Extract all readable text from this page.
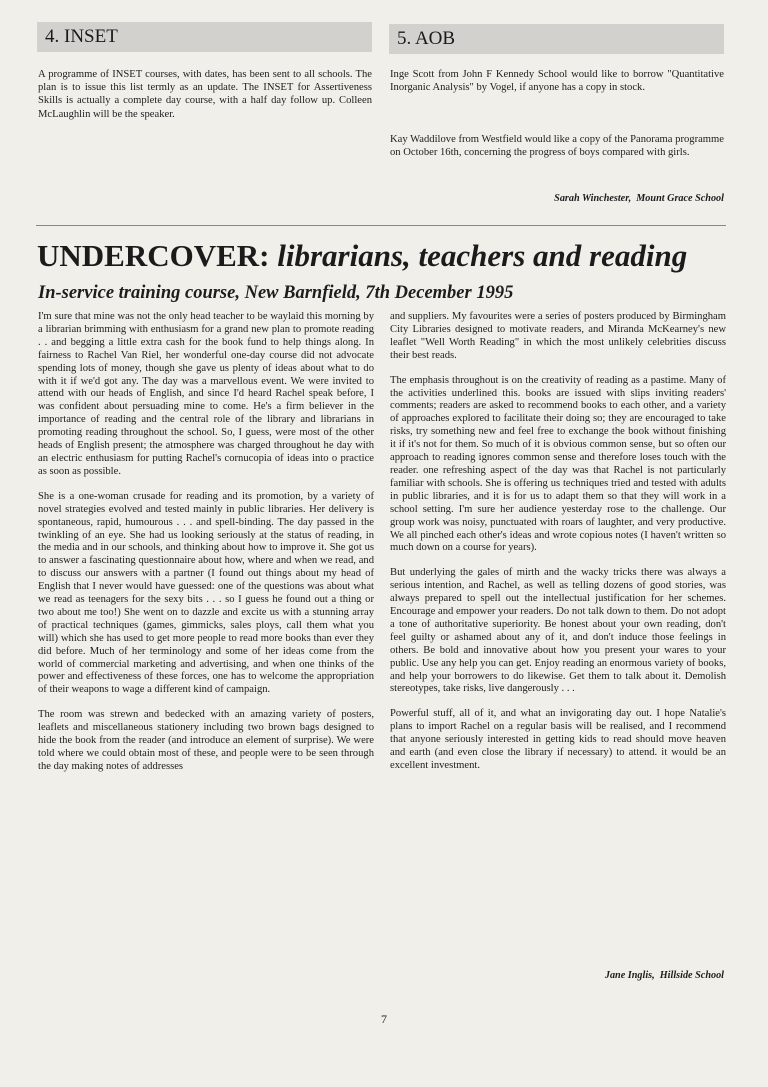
4. INSET	5. AOB

A programme of INSET courses, with dates, has been sent to all schools. The plan is to issue this list termly as an update. The INSET for Assertiveness Skills is actually a complete day course, with a half day follow up. Colleen McLaughlin will be the speaker.

Inge Scott from John F Kennedy School would like to borrow "Quantitative Inorganic Analysis" by Vogel, if anyone has a copy in stock.

Kay Waddilove from Westfield would like a copy of the Panorama programme on October 16th, concerning the progress of boys compared with girls.

Sarah Winchester,  Mount Grace School
UNDERCOVER: librarians, teachers and reading
In-service training course, New Barnfield, 7th December 1995

I'm sure that mine was not the only head teacher to be waylaid this morning by a librarian brimming with enthusiasm for a grand new plan to promote reading . . and begging a little extra cash for the book fund to help things along. In fairness to Rachel Van Riel, her wonderful one-day course did not advocate spending lots of money, though she gave us plenty of ideas about what to do with it if we'd got any. The day was a marvellous event. We were invited to attend with our heads of English, and since I'd heard Rachel speak before, I was confident about persuading mine to come. He's a firm believer in the importance of reading and the central role of the library and librarians in promoting reading throughout the school. So, I guess, were most of the other heads of English present; the atmosphere was charged throughout he day with an electric enthusiasm for putting Rachel's cornucopia of ideas into o practice as soon as possible.

She is a one-woman crusade for reading and its promotion, by a variety of novel strategies evolved and tested mainly in public libraries. Her delivery is spontaneous, rapid, humourous . . . and spell-binding. The day passed in the twinkling of an eye. She had us looking seriously at the status of reading, in the media and in our schools, and thinking about how to improve it. She got us to answer a fascinating questionnaire about how, where and when we read, and to discuss our answers with a partner (I found out things about my head of English that I never would have guessed: one of the questions was about what we read as teenagers for the sexy bits . . . so I guess he found out a thing or two about me too!) She went on to dazzle and excite us with a stunning array of practical techniques (games, gimmicks, sales ploys, call them what you will) which she has used to get more people to read more books than ever they did before. Much of her terminology and some of her ideas come from the world of commercial marketing and advertising, and when one thinks of the power and effectiveness of these forces, one has to welcome the appropriation of their weapons to wage a different kind of campaign.

The room was strewn and bedecked with an amazing variety of posters, leaflets and miscellaneous stationery including two brown bags designed to hide the book from the reader (and introduce an element of surprise). We were told where we could obtain most of these, and people were to be seen through the day making notes of addresses

and suppliers. My favourites were a series of posters produced by Birmingham City Libraries designed to motivate readers, and Miranda McKearney's new leaflet "Well Worth Reading" in which the most unlikely celebrities discuss their best reads.

The emphasis throughout is on the creativity of reading as a pastime. Many of the activities underlined this. books are issued with slips inviting readers' comments; readers are asked to recommend books to each other, and a variety of approaches explored to facilitate their doing so; they are encouraged to take risks, try something new and feel free to exchange the book without finishing it if it's not for them. So much of it is obvious common sense, but so often our approach to reading ignores common sense and therefore loses touch with the reader. one refreshing aspect of the day was that Rachel is not particularly familiar with schools. She is offering us techniques tried and tested with adults in public libraries, and it is for us to adapt them so that they will work in a school setting. I'm sure her audience yesterday rose to the challenge. Our group work was noisy, punctuated with roars of laughter, and very productive. We all pinched each other's ideas and wrote copious notes (I haven't written so much down on a course for years).

But underlying the gales of mirth and the wacky tricks there was always a serious intention, and Rachel, as well as telling dozens of good stories, was always prepared to spell out the intellectual justification for her schemes. Encourage and empower your readers. Do not talk down to them. Do not adopt a tone of authoritative superiority. Be honest about your own reading, don't feel guilty or ashamed about any of it, and don't induce those feelings in others. Be bold and innovative about how you present your wares to your public. Use any help you can get. Enjoy reading an enormous variety of books, and help your borrowers to do likewise. Get them to talk about it. Demolish stereotypes, take risks, live dangerously . . .

Powerful stuff, all of it, and what an invigorating day out. I hope Natalie's plans to import Rachel on a regular basis will be realised, and I recommend that anyone seriously interested in getting kids to read should move heaven and earth (and even close the library if necessary) to attend. it would be an excellent investment.

Jane Inglis,  Hillside School
7
